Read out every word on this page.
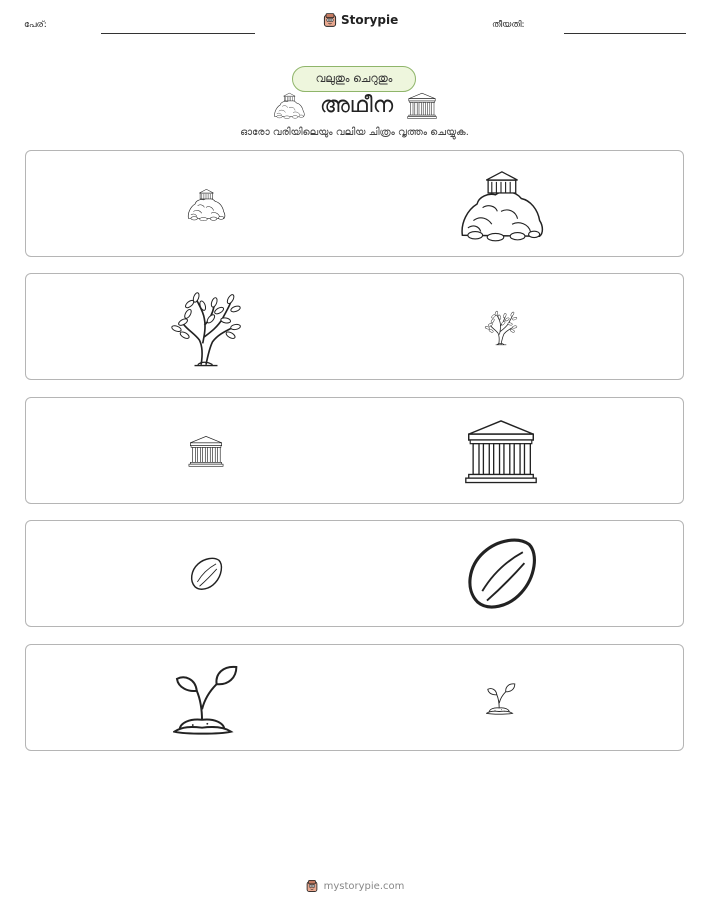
പേര്:	Storypie	തീയതി:
വലുതും ചെറുതും
അഥീന
ഓരോ വരിയിലെയും വലിയ ചിത്രം വൃത്തം ചെയ്യുക.
mystorypie.com
